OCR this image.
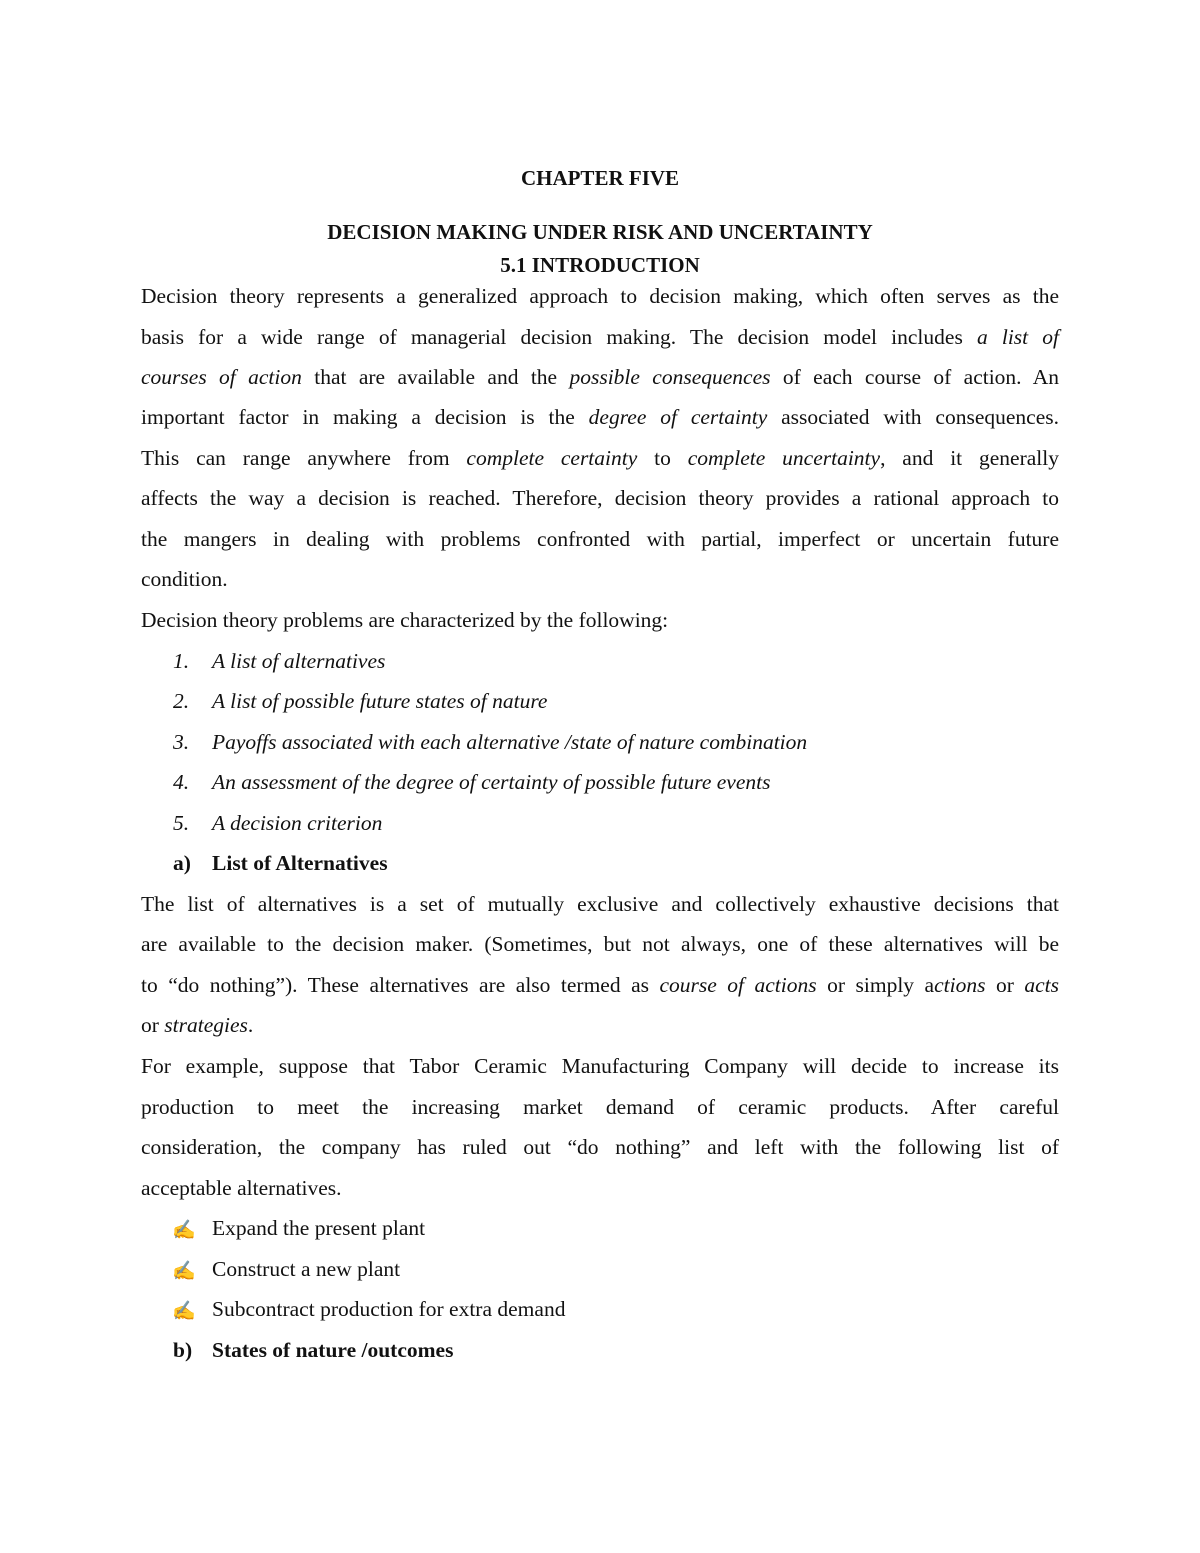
CHAPTER FIVE
DECISION MAKING UNDER RISK AND UNCERTAINTY
5.1 INTRODUCTION
Decision theory represents a generalized approach to decision making, which often serves as the
basis for a wide range of managerial decision making. The decision model includes a list of
courses of action that are available and the possible consequences of each course of action. An
important factor in making a decision is the degree of certainty associated with consequences.
This can range anywhere from complete certainty to complete uncertainty, and it generally
affects the way a decision is reached. Therefore, decision theory provides a rational approach to
the mangers in dealing with problems confronted with partial, imperfect or uncertain future
condition.
Decision theory problems are characterized by the following:
1. A list of alternatives
2. A list of possible future states of nature
3. Payoffs associated with each alternative /state of nature combination
4. An assessment of the degree of certainty of possible future events
5. A decision criterion
a) List of Alternatives
The list of alternatives is a set of mutually exclusive and collectively exhaustive decisions that
are available to the decision maker. (Sometimes, but not always, one of these alternatives will be
to “do nothing”). These alternatives are also termed as course of actions or simply actions or acts
or strategies.
For example, suppose that Tabor Ceramic Manufacturing Company will decide to increase its
production to meet the increasing market demand of ceramic products. After careful
consideration, the company has ruled out “do nothing” and left with the following list of
acceptable alternatives.
✍ Expand the present plant
✍ Construct a new plant
✍ Subcontract production for extra demand
b) States of nature /outcomes
